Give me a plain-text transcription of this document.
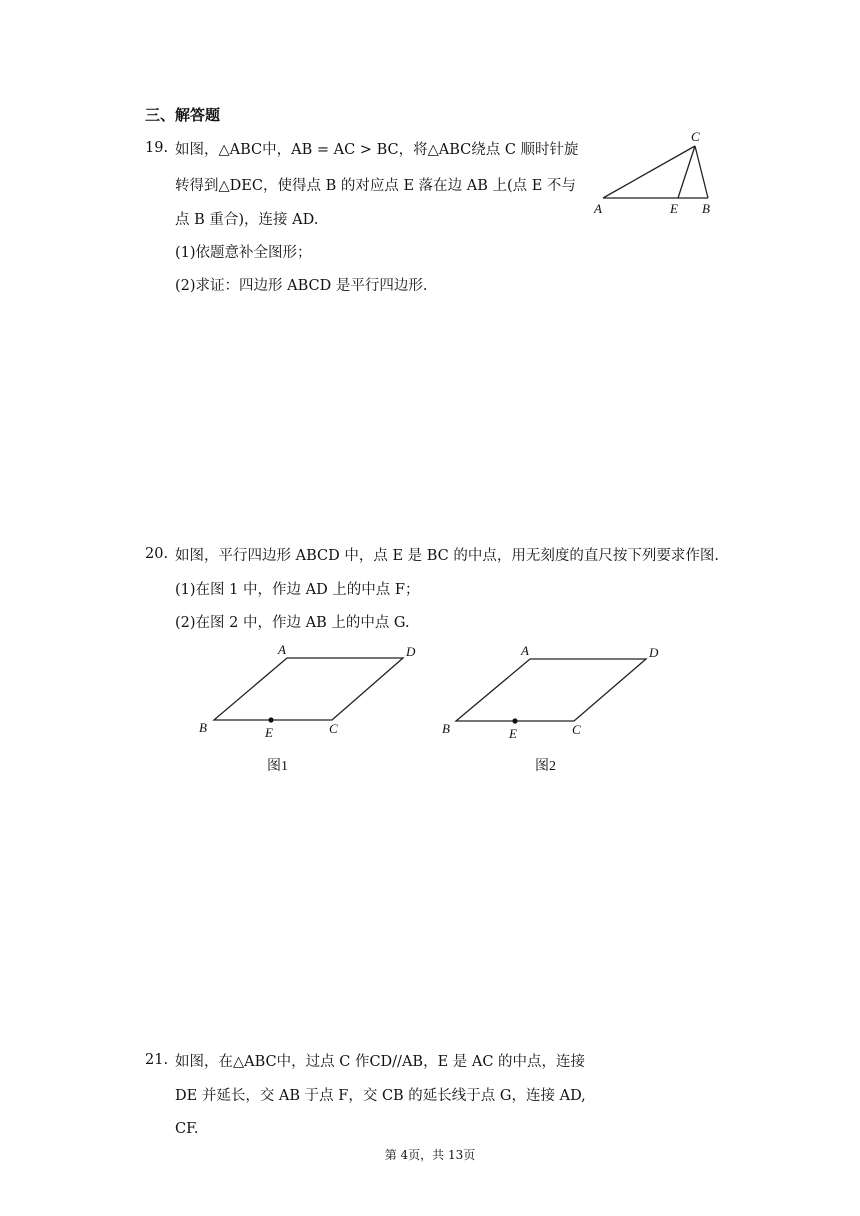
三、解答题
19. 如图，△ABC中，AB = AC > BC，将△ABC绕点 C 顺时针旋
转得到△DEC，使得点 B 的对应点 E 落在边 AB 上(点 E 不与
点 B 重合)，连接 AD.
(1)依题意补全图形；
(2)求证：四边形 ABCD 是平行四边形.
C
A	E B
20. 如图，平行四边形 ABCD 中，点 E 是 BC 的中点，用无刻度的直尺按下列要求作图.
(1)在图 1 中，作边 AD 上的中点 F；
(2)在图 2 中，作边 AB 上的中点 G.
A	D
B	E	C
图1
A	D
B	E	C
图2
21. 如图，在△ABC中，过点 C 作CD//AB，E 是 AC 的中点，连接
DE 并延长，交 AB 于点 F，交 CB 的延长线于点 G，连接 AD,
CF.
第 4页，共 13页
